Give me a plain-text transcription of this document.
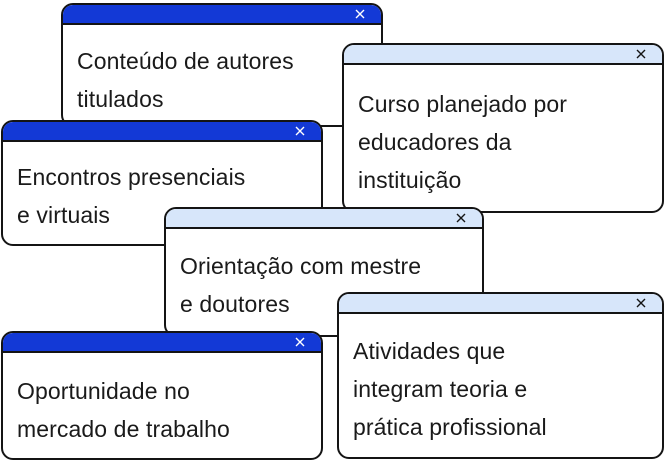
Conteúdo de autores
titulados	Curso planejado por
educadores da
instituição
Encontros presenciais
e virtuais
Orientação com mestre
e doutores
Atividades que
integram teoria e
prática profissional
Oportunidade no
mercado de trabalho
